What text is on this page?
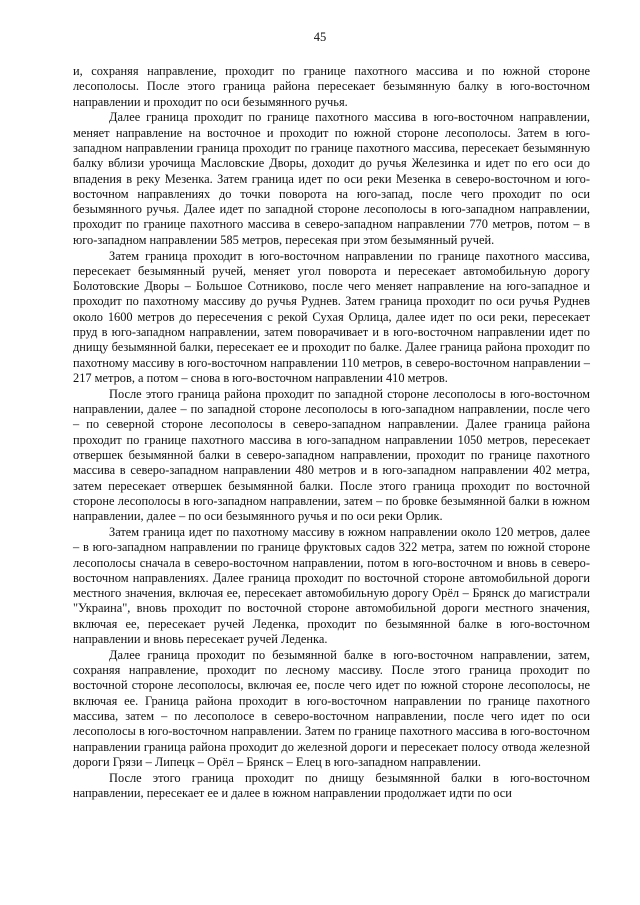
45

и, сохраняя направление, проходит по границе пахотного массива и по южной стороне лесополосы. После этого граница района пересекает безымянную балку в юго-восточном направлении и проходит по оси безымянного ручья.

Далее граница проходит по границе пахотного массива в юго-восточном направлении, меняет направление на восточное и проходит по южной стороне лесополосы. Затем в юго-западном направлении граница проходит по границе пахотного массива, пересекает безымянную балку вблизи урочища Масловские Дворы, доходит до ручья Железинка и идет по его оси до впадения в реку Мезенка. Затем граница идет по оси реки Мезенка в северо-восточном и юго-восточном направлениях до точки поворота на юго-запад, после чего проходит по оси безымянного ручья. Далее идет по западной стороне лесополосы в юго-западном направлении, проходит по границе пахотного массива в северо-западном направлении 770 метров, потом – в юго-западном направлении 585 метров, пересекая при этом безымянный ручей.

Затем граница проходит в юго-восточном направлении по границе пахотного массива, пересекает безымянный ручей, меняет угол поворота и пересекает автомобильную дорогу Болотовские Дворы – Большое Сотниково, после чего меняет направление на юго-западное и проходит по пахотному массиву до ручья Руднев. Затем граница проходит по оси ручья Руднев около 1600 метров до пересечения с рекой Сухая Орлица, далее идет по оси реки, пересекает пруд в юго-западном направлении, затем поворачивает и в юго-восточном направлении идет по днищу безымянной балки, пересекает ее и проходит по балке. Далее граница района проходит по пахотному массиву в юго-восточном направлении 110 метров, в северо-восточном направлении – 217 метров, а потом – снова в юго-восточном направлении 410 метров.

После этого граница района проходит по западной стороне лесополосы в юго-восточном направлении, далее – по западной стороне лесополосы в юго-западном направлении, после чего – по северной стороне лесополосы в северо-западном направлении. Далее граница района проходит по границе пахотного массива в юго-западном направлении 1050 метров, пересекает отвершек безымянной балки в северо-западном направлении, проходит по границе пахотного массива в северо-западном направлении 480 метров и в юго-западном направлении 402 метра, затем пересекает отвершек безымянной балки. После этого граница проходит по восточной стороне лесополосы в юго-западном направлении, затем – по бровке безымянной балки в южном направлении, далее – по оси безымянного ручья и по оси реки Орлик.

Затем граница идет по пахотному массиву в южном направлении около 120 метров, далее – в юго-западном направлении по границе фруктовых садов 322 метра, затем по южной стороне лесополосы сначала в северо-восточном направлении, потом в юго-восточном и вновь в северо-восточном направлениях. Далее граница проходит по восточной стороне автомобильной дороги местного значения, включая ее, пересекает автомобильную дорогу Орёл – Брянск до магистрали "Украина", вновь проходит по восточной стороне автомобильной дороги местного значения, включая ее, пересекает ручей Леденка, проходит по безымянной балке в юго-восточном направлении и вновь пересекает ручей Леденка.

Далее граница проходит по безымянной балке в юго-восточном направлении, затем, сохраняя направление, проходит по лесному массиву. После этого граница проходит по восточной стороне лесополосы, включая ее, после чего идет по южной стороне лесополосы, не включая ее. Граница района проходит в юго-восточном направлении по границе пахотного массива, затем – по лесополосе в северо-восточном направлении, после чего идет по оси лесополосы в юго-восточном направлении. Затем по границе пахотного массива в юго-восточном направлении граница района проходит до железной дороги и пересекает полосу отвода железной дороги Грязи – Липецк – Орёл – Брянск – Елец в юго-западном направлении.

После этого граница проходит по днищу безымянной балки в юго-восточном направлении, пересекает ее и далее в южном направлении продолжает идти по оси
